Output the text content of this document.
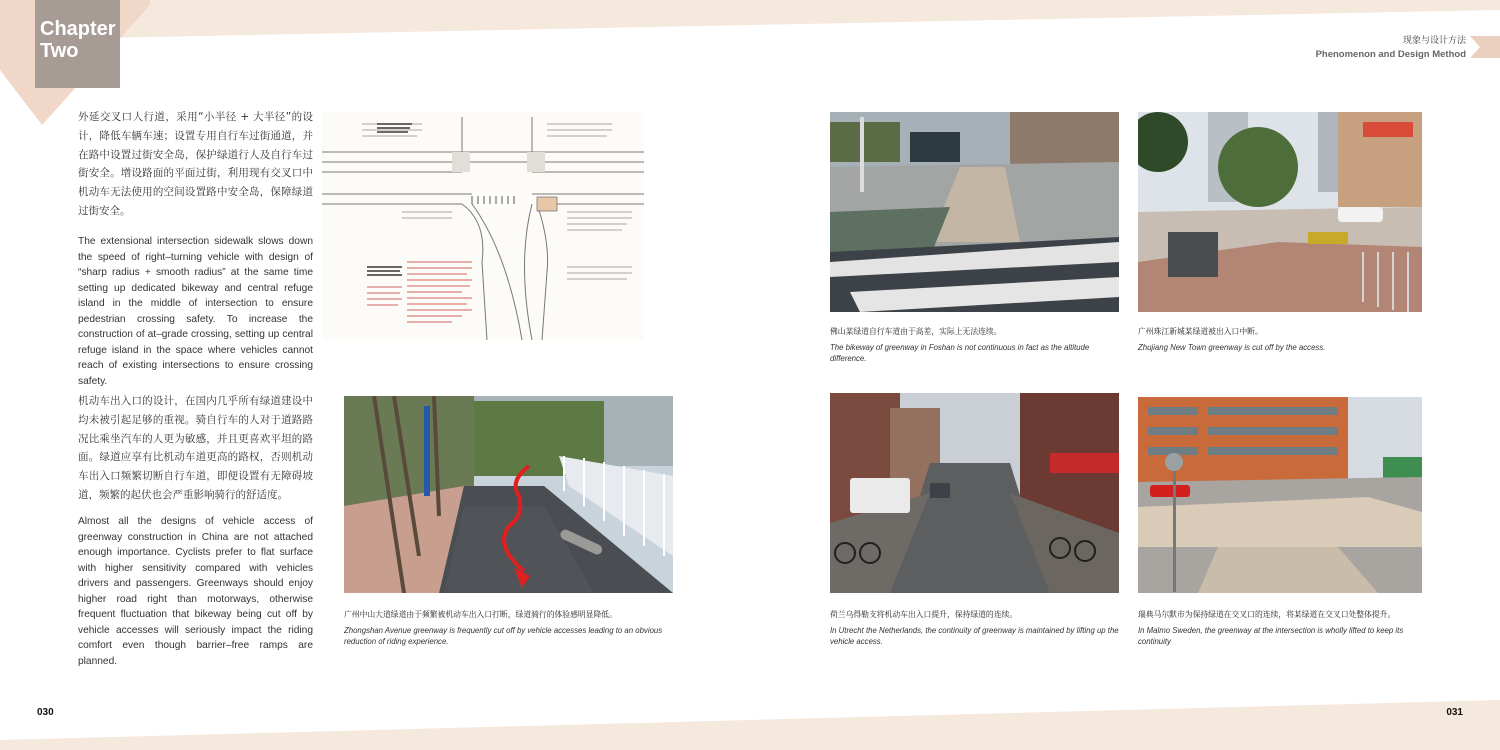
Chapter
Two	现象与设计方法
Phenomenon and Design Method

外延交叉口人行道，采用“小半径 + 大半径”的设计，降低车辆车速；设置专用自行车过街通道，并在路中设置过街安全岛，保护绿道行人及自行车过街安全。增设路面的平面过街，利用现有交叉口中机动车无法使用的空间设置路中安全岛，保障绿道过街安全。

The extensional intersection sidewalk slows down the speed of right–turning vehicle with design of “sharp radius + smooth radius” at the same time setting up dedicated bikeway and central refuge island in the middle of intersection to ensure pedestrian crossing safety. To increase the construction of at–grade crossing, setting up central refuge island in the space where vehicles cannot reach of existing intersections to ensure crossing safety.

机动车出入口的设计，在国内几乎所有绿道建设中均未被引起足够的重视。骑自行车的人对于道路路况比乘坐汽车的人更为敏感，并且更喜欢平坦的路面。绿道应享有比机动车道更高的路权，否则机动车出入口频繁切断自行车道，即便设置有无障碍坡道，频繁的起伏也会严重影响骑行的舒适度。

Almost all the designs of vehicle access of greenway construction in China are not attached enough importance. Cyclists prefer to flat surface with higher sensitivity compared with vehicles drivers and passengers. Greenways should enjoy higher road right than motorways, otherwise frequent fluctuation that bikeway being cut off by vehicle accesses will seriously impact the riding comfort even though barrier–free ramps are planned.

广州中山大道绿道由于频繁被机动车出入口打断，绿道骑行的体验感明显降低。
Zhongshan Avenue greenway is frequently cut off by vehicle accesses leading to an obvious reduction of riding experience.
佛山某绿道自行车道由于高差，实际上无法连续。
The bikeway of greenway in Foshan is not continuous in fact as the altitude difference.
广州珠江新城某绿道被出入口中断。
Zhujiang New Town greenway is cut off by the access.
荷兰乌得勒支将机动车出入口提升，保持绿道的连续。
In Utrecht the Netherlands, the continuity of greenway is maintained by lifting up the vehicle access.
瑞典马尔默市为保持绿道在交叉口的连续，将某绿道在交叉口处整体提升。
In Malmo Sweden, the greenway at the intersection is wholly lifted to keep its continuity
030	031
